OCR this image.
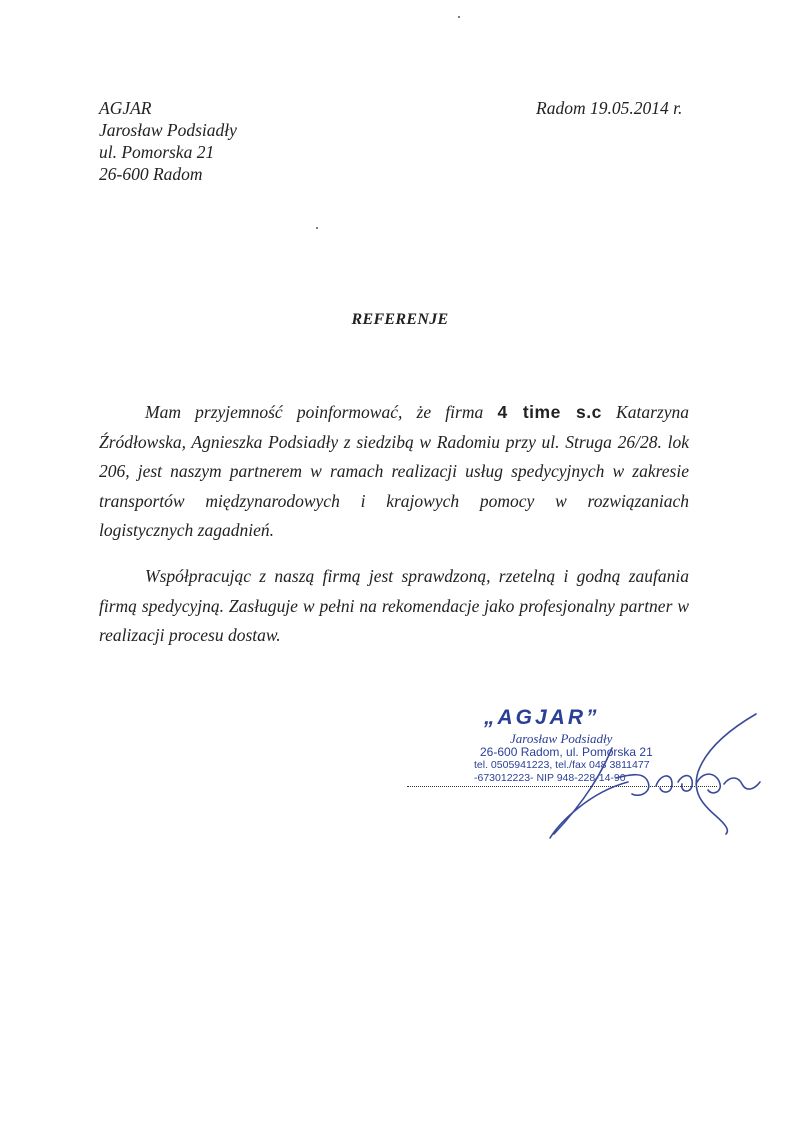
AGJAR
Jarosław Podsiadły
ul. Pomorska 21
26-600 Radom
Radom 19.05.2014 r.
REFERENJE
Mam przyjemność poinformować, że firma 4 time s.c Katarzyna Źródłowska, Agnieszka Podsiadły z siedzibą w Radomiu przy ul. Struga 26/28. lok 206, jest naszym partnerem w ramach realizacji usług spedycyjnych w zakresie transportów międzynarodowych i krajowych pomocy w rozwiązaniach logistycznych zagadnień.
Współpracując z naszą firmą jest sprawdzoną, rzetelną i godną zaufania firmą spedycyjną. Zasługuje w pełni na rekomendacje jako profesjonalny partner w realizacji procesu dostaw.
„AGJAR”
Jarosław Podsiadły
26-600 Radom, ul. Pomorska 21
tel. 0505941223, tel./fax 048 3811477
-673012223- NIP 948-228-14-90
